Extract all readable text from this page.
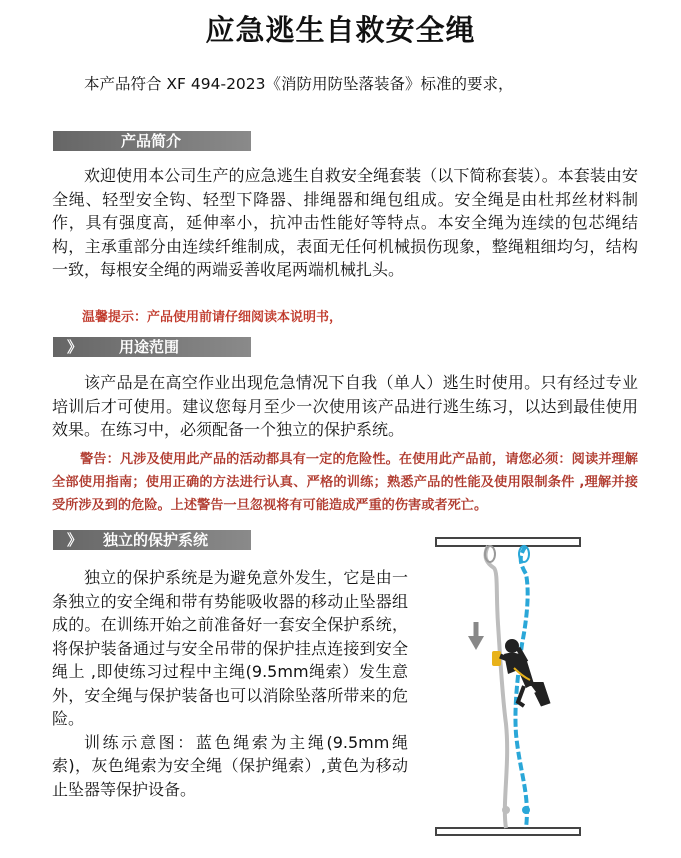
应急逃生自救安全绳
本产品符合 XF 494-2023《消防用防坠落装备》标准的要求，
产品简介

欢迎使用本公司生产的应急逃生自救安全绳套装（以下简称套装）。本套装由安全绳、轻型安全钩、轻型下降器、排绳器和绳包组成。安全绳是由杜邦丝材料制作，具有强度高，延伸率小，抗冲击性能好等特点。本安全绳为连续的包芯绳结构，主承重部分由连续纤维制成，表面无任何机械损伤现象，整绳粗细均匀，结构一致，每根安全绳的两端妥善收尾两端机械扎头。

温馨提示：产品使用前请仔细阅读本说明书，
》 用途范围

该产品是在高空作业出现危急情况下自我（单人）逃生时使用。只有经过专业培训后才可使用。建议您每月至少一次使用该产品进行逃生练习，以达到最佳使用效果。在练习中，必须配备一个独立的保护系统。

警告：凡涉及使用此产品的活动都具有一定的危险性。在使用此产品前，请您必须：阅读并理解全部使用指南；使用正确的方法进行认真、严格的训练；熟悉产品的性能及使用限制条件 ,理解并接受所涉及到的危险。上述警告一旦忽视将有可能造成严重的伤害或者死亡。

》 独立的保护系统

独立的保护系统是为避免意外发生，它是由一条独立的安全绳和带有势能吸收器的移动止坠器组成的。在训练开始之前准备好一套安全保护系统，将保护装备通过与安全吊带的保护挂点连接到安全绳上 ,即使练习过程中主绳(9.5mm绳索）发生意外，安全绳与保护装备也可以消除坠落所带来的危险。

训练示意图：蓝色绳索为主绳(9.5mm绳索)，灰色绳索为安全绳（保护绳索）,黄色为移动止坠器等保护设备。
